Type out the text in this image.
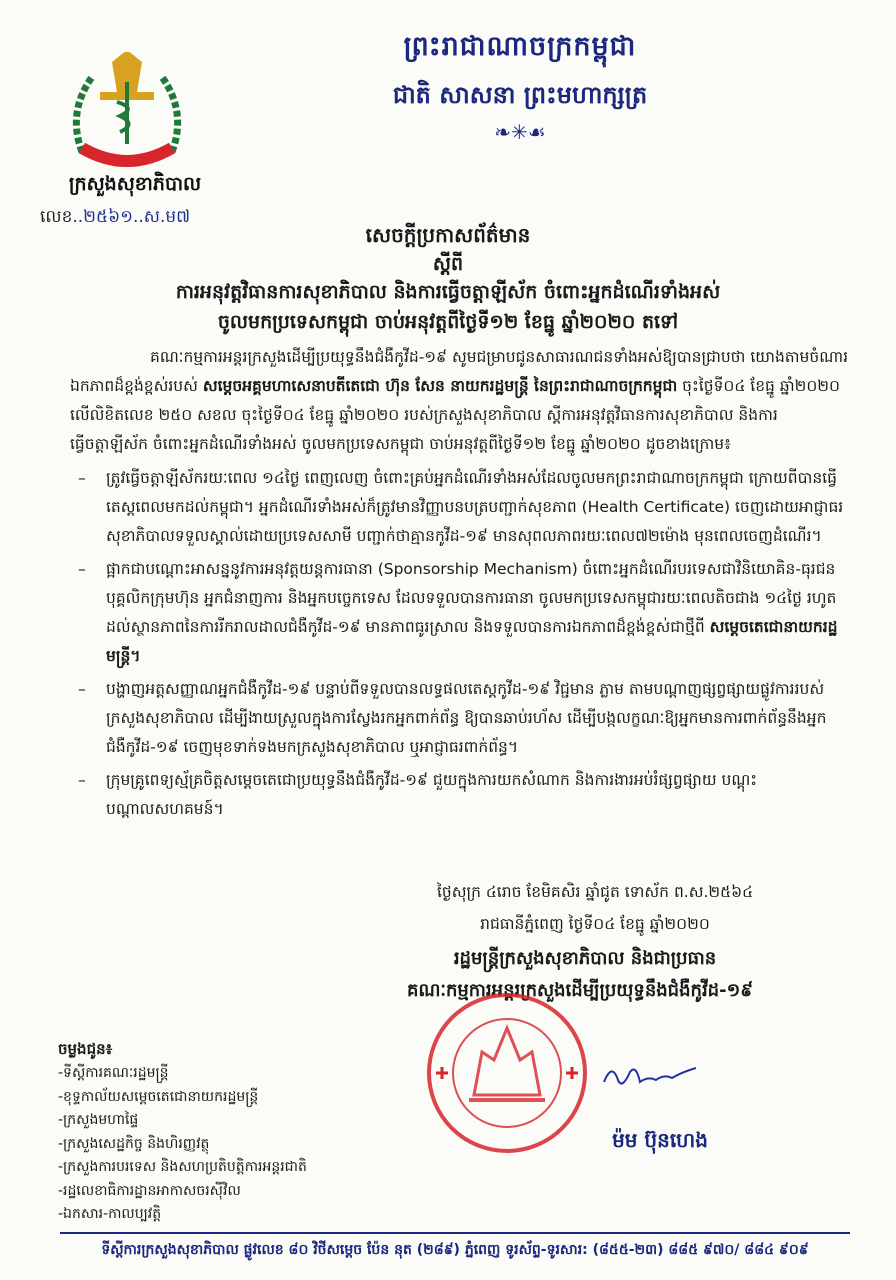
ក្រសួងសុខាភិបាល
លេខ..២៥៦១..ស.ម៧
ព្រះរាជាណាចក្រកម្ពុជា
ជាតិ សាសនា ព្រះមហាក្សត្រ
❧✳☙
សេចក្ដីប្រកាសព័ត៌មាន
ស្ដីពី
ការអនុវត្តវិធានការសុខាភិបាល និងការធ្វើចត្តាឡីស័ក ចំពោះអ្នកដំណើរទាំងអស់
ចូលមកប្រទេសកម្ពុជា ចាប់អនុវត្តពីថ្ងៃទី១២ ខែធ្នូ ឆ្នាំ២០២០ តទៅ
គណៈកម្មការអន្តរក្រសួងដើម្បីប្រយុទ្ធនឹងជំងឺកូវីដ-១៩ សូមជម្រាបជូនសាធារណជនទាំងអស់ឱ្យបានជ្រាបថា យោងតាមចំណារឯកភាពដ៏ខ្ពង់ខ្ពស់របស់ សម្ដេចអគ្គមហាសេនាបតីតេជោ ហ៊ុន សែន នាយករដ្ឋមន្ត្រី នៃព្រះរាជាណាចក្រកម្ពុជា ចុះថ្ងៃទី០៤ ខែធ្នូ ឆ្នាំ២០២០ លើលិខិតលេខ ២៥០ សខល ចុះថ្ងៃទី០៤ ខែធ្នូ ឆ្នាំ២០២០ របស់ក្រសួងសុខាភិបាល ស្ដីការអនុវត្តវិធានការសុខាភិបាល និងការធ្វើចត្តាឡីស័ក ចំពោះអ្នកដំណើរទាំងអស់ ចូលមកប្រទេសកម្ពុជា ចាប់អនុវត្តពីថ្ងៃទី១២ ខែធ្នូ ឆ្នាំ២០២០ ដូចខាងក្រោម៖
– ត្រូវធ្វើចត្តាឡីស័ករយៈពេល ១៤ថ្ងៃ ពេញលេញ ចំពោះគ្រប់អ្នកដំណើរទាំងអស់ដែលចូលមកព្រះរាជាណាចក្រកម្ពុជា ក្រោយពីបានធ្វើតេស្តពេលមកដល់កម្ពុជា។ អ្នកដំណើរទាំងអស់ក៏ត្រូវមានវិញ្ញាបនបត្របញ្ជាក់សុខភាព (Health Certificate) ចេញដោយអាជ្ញាធរសុខាភិបាលទទួលស្គាល់ដោយប្រទេសសាមី បញ្ជាក់ថាគ្មានកូវីដ-១៩ មានសុពលភាពរយៈពេល៧២ម៉ោង មុនពេលចេញដំណើរ។
– ផ្អាកជាបណ្ដោះអាសន្ននូវការអនុវត្តយន្តការធានា (Sponsorship Mechanism) ចំពោះអ្នកដំណើរបរទេសជាវិនិយោគិន-ធុរជន បុគ្គលិកក្រុមហ៊ុន អ្នកជំនាញការ និងអ្នកបច្ចេកទេស ដែលទទួលបានការធានា ចូលមកប្រទេសកម្ពុជារយៈពេលតិចជាង ១៤ថ្ងៃ រហូតដល់ស្ថានភាពនៃការរីករាលដាលជំងឺកូវីដ-១៩ មានភាពធូរស្រាល និងទទួលបានការឯកភាពដ៏ខ្ពង់ខ្ពស់ជាថ្មីពី សម្ដេចតេជោនាយករដ្ឋមន្ត្រី។
– បង្ហាញអត្តសញ្ញាណអ្នកជំងឺកូវីដ-១៩ បន្ទាប់ពីទទួលបានលទ្ធផលតេស្តកូវីដ-១៩ វិជ្ជមាន ភ្លាម តាមបណ្ដាញផ្សព្វផ្សាយផ្លូវការរបស់ក្រសួងសុខាភិបាល ដើម្បីងាយស្រួលក្នុងការស្វែងរកអ្នកពាក់ព័ន្ធ ឱ្យបានឆាប់រហ័ស ដើម្បីបង្កលក្ខណៈឱ្យអ្នកមានការពាក់ព័ន្ធនឹងអ្នកជំងឺកូវីដ-១៩ ចេញមុខទាក់ទងមកក្រសួងសុខាភិបាល ឬអាជ្ញាធរពាក់ព័ន្ធ។
– ក្រុមគ្រូពេទ្យស្ម័គ្រចិត្តសម្ដេចតេជោប្រយុទ្ធនឹងជំងឺកូវីដ-១៩ ជួយក្នុងការយកសំណាក និងការងារអប់រំផ្សព្វផ្សាយ បណ្ដុះបណ្ដាលសហគមន៍។
ថ្ងៃសុក្រ ៤រោច ខែមិគសិរ ឆ្នាំជូត ទោស័ក ព.ស.២៥៦៤
រាជធានីភ្នំពេញ ថ្ងៃទី០៤ ខែធ្នូ ឆ្នាំ២០២០
រដ្ឋមន្ត្រីក្រសួងសុខាភិបាល និងជាប្រធាន
គណៈកម្មការអន្តរក្រសួងដើម្បីប្រយុទ្ធនឹងជំងឺកូវីដ-១៩
ម៉ម ប៊ុនហេង
ចម្លងជូន៖
-ទីស្ដីការគណៈរដ្ឋមន្ត្រី
-ខុទ្ទកាល័យសម្ដេចតេជោនាយករដ្ឋមន្ត្រី
-ក្រសួងមហាផ្ទៃ
-ក្រសួងសេដ្ឋកិច្ច និងហិរញ្ញវត្ថុ
-ក្រសួងការបរទេស និងសហប្រតិបត្តិការអន្តរជាតិ
-រដ្ឋលេខាធិការដ្ឋានអាកាសចរស៊ីវិល
-ឯកសារ-កាលប្បវត្តិ
ទីស្ដីការក្រសួងសុខាភិបាល ផ្លូវលេខ ៨០ វិថីសម្ដេច ប៉ែន នុត (២៨៩) ភ្នំពេញ ទូរស័ព្ទ-ទូរសារ: (៨៥៥-២៣) ៨៨៥ ៩៧០/ ៨៨៤ ៩០៩
